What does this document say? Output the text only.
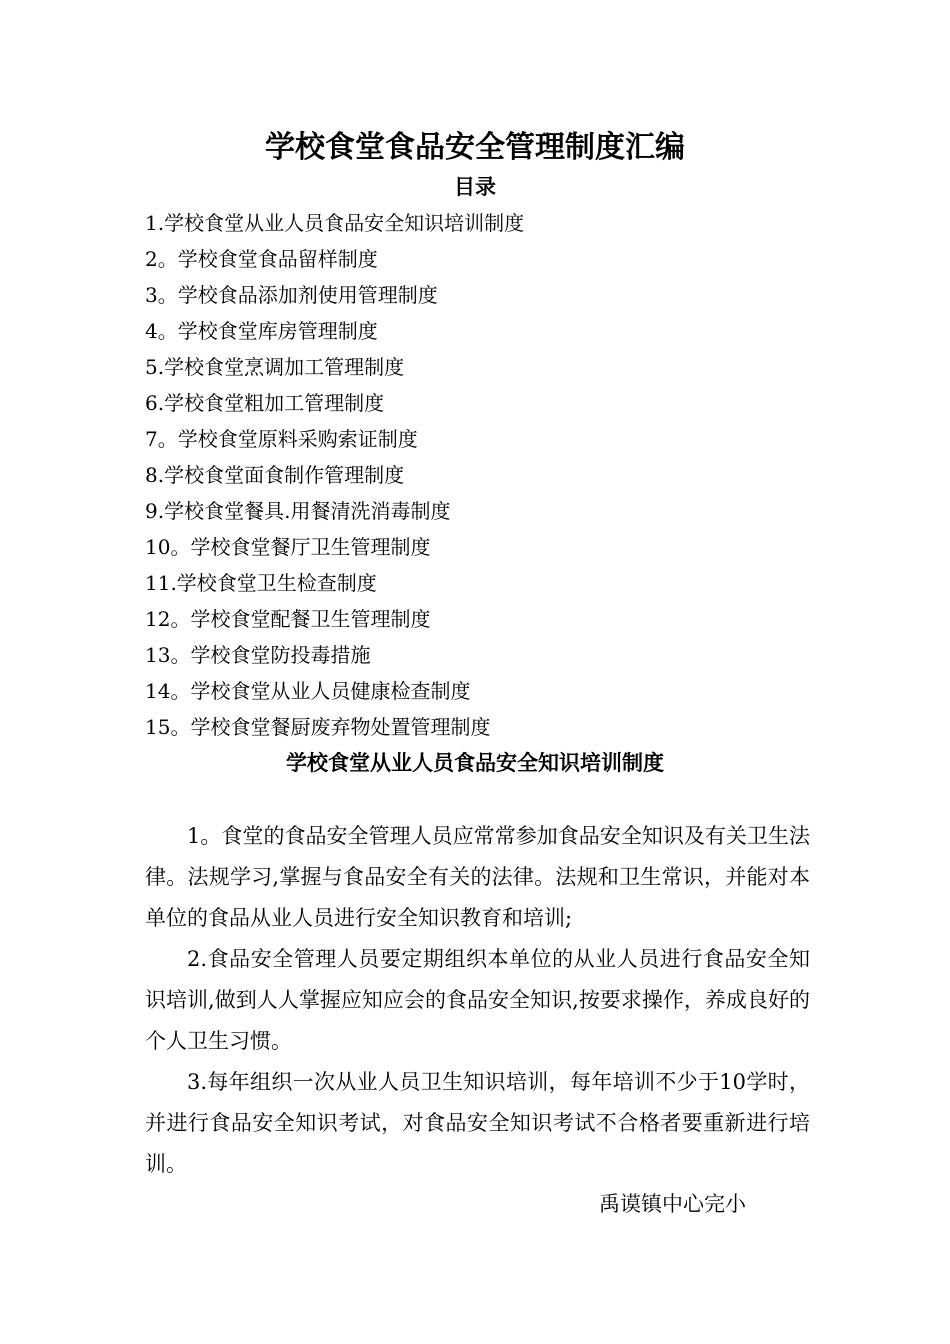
学校食堂食品安全管理制度汇编
目录
1.学校食堂从业人员食品安全知识培训制度
2。学校食堂食品留样制度
3。学校食品添加剂使用管理制度
4。学校食堂库房管理制度
5.学校食堂烹调加工管理制度
6.学校食堂粗加工管理制度
7。学校食堂原料采购索证制度
8.学校食堂面食制作管理制度
9.学校食堂餐具.用餐清洗消毒制度
10。学校食堂餐厅卫生管理制度
11.学校食堂卫生检查制度
12。学校食堂配餐卫生管理制度
13。学校食堂防投毒措施
14。学校食堂从业人员健康检查制度
15。学校食堂餐厨废弃物处置管理制度
学校食堂从业人员食品安全知识培训制度

1。食堂的食品安全管理人员应常常参加食品安全知识及有关卫生法律。法规学习,掌握与食品安全有关的法律。法规和卫生常识，并能对本单位的食品从业人员进行安全知识教育和培训;

2.食品安全管理人员要定期组织本单位的从业人员进行食品安全知识培训,做到人人掌握应知应会的食品安全知识,按要求操作，养成良好的个人卫生习惯。

3.每年组织一次从业人员卫生知识培训，每年培训不少于10学时，并进行食品安全知识考试，对食品安全知识考试不合格者要重新进行培训。

禹谟镇中心完小
